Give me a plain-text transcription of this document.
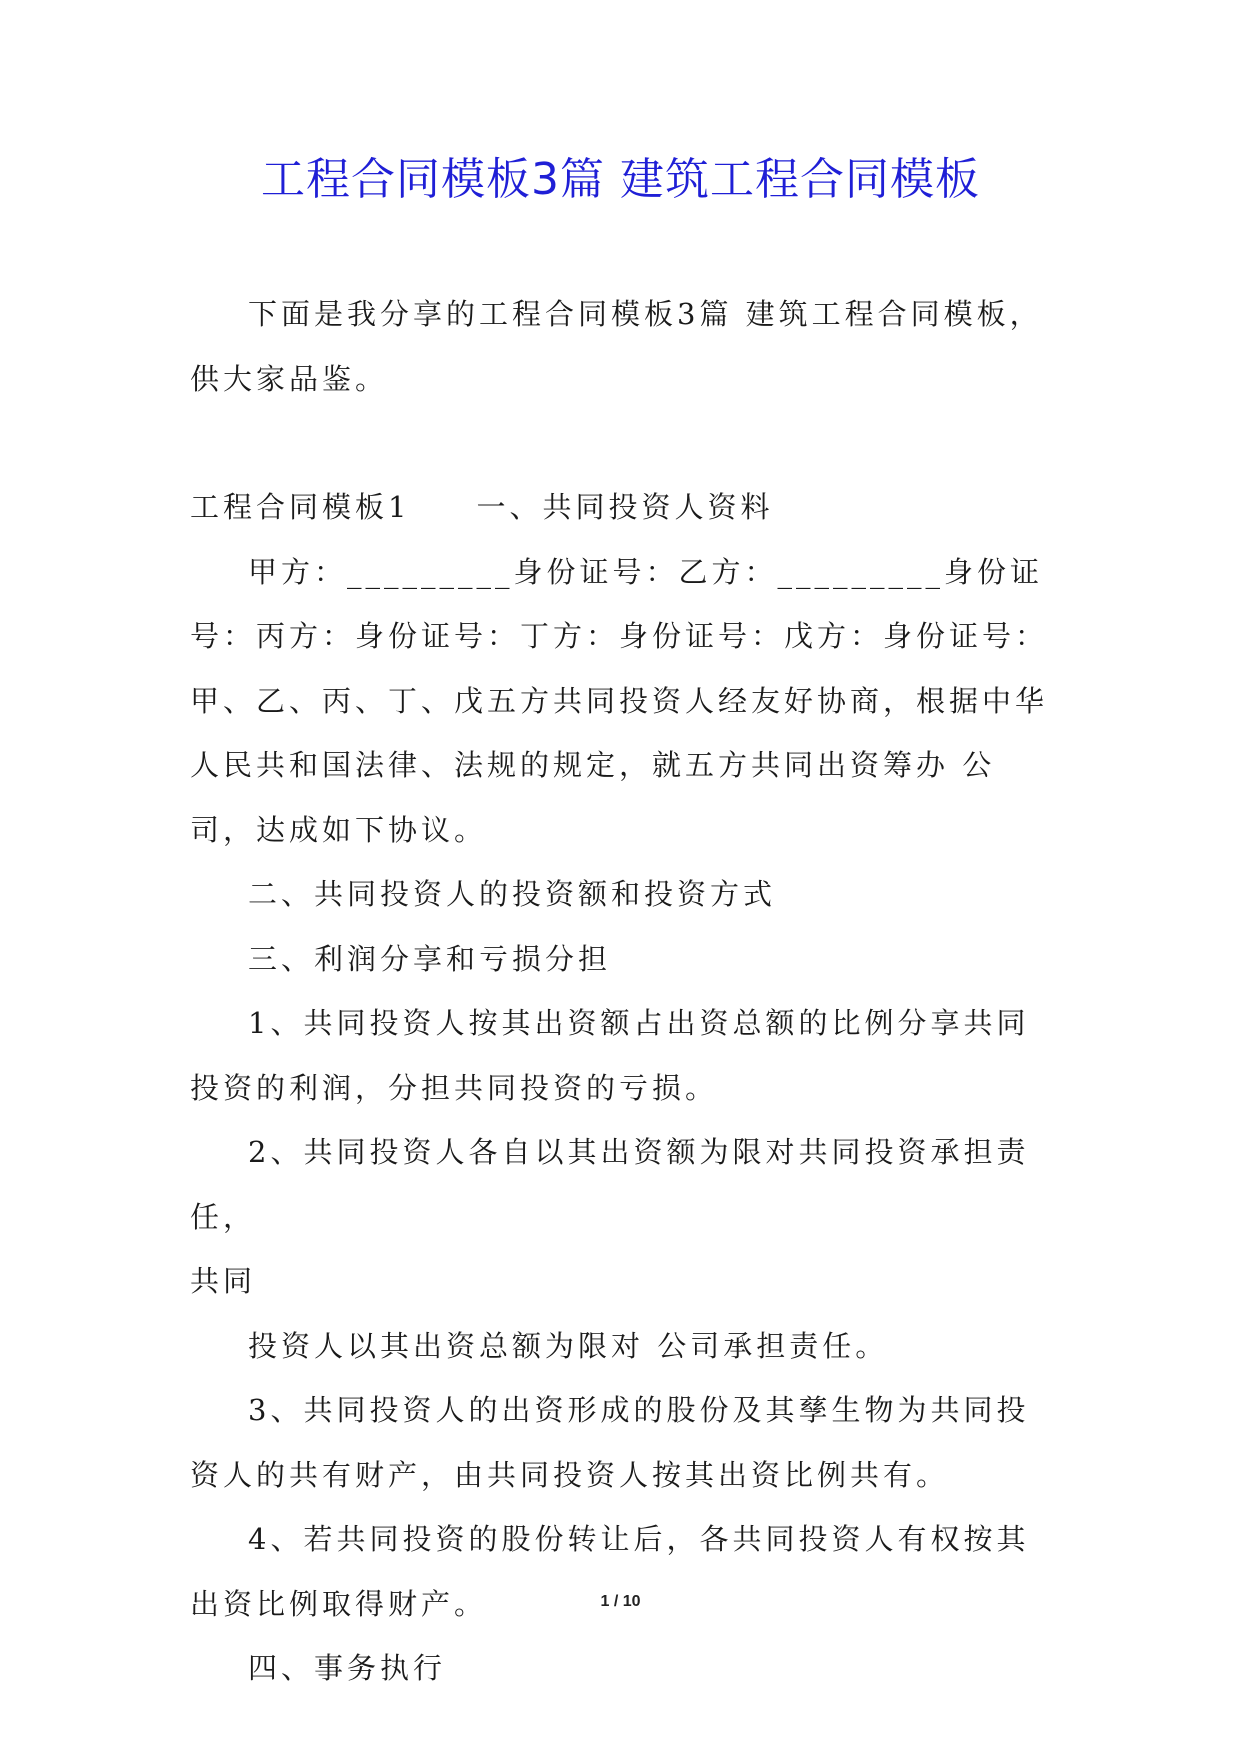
工程合同模板3篇 建筑工程合同模板

下面是我分享的工程合同模板3篇 建筑工程合同模板，供大家品鉴。

工程合同模板1　　一、共同投资人资料

甲方：_________身份证号：乙方：_________身份证号：丙方：身份证号：丁方：身份证号：戊方：身份证号：甲、乙、丙、丁、戊五方共同投资人经友好协商，根据中华人民共和国法律、法规的规定，就五方共同出资筹办 公司，达成如下协议。

二、共同投资人的投资额和投资方式

三、利润分享和亏损分担

1、共同投资人按其出资额占出资总额的比例分享共同投资的利润，分担共同投资的亏损。

2、共同投资人各自以其出资额为限对共同投资承担责任，

共同

投资人以其出资总额为限对 公司承担责任。

3、共同投资人的出资形成的股份及其孳生物为共同投资人的共有财产，由共同投资人按其出资比例共有。

4、若共同投资的股份转让后，各共同投资人有权按其出资比例取得财产。

四、事务执行

1 / 10
